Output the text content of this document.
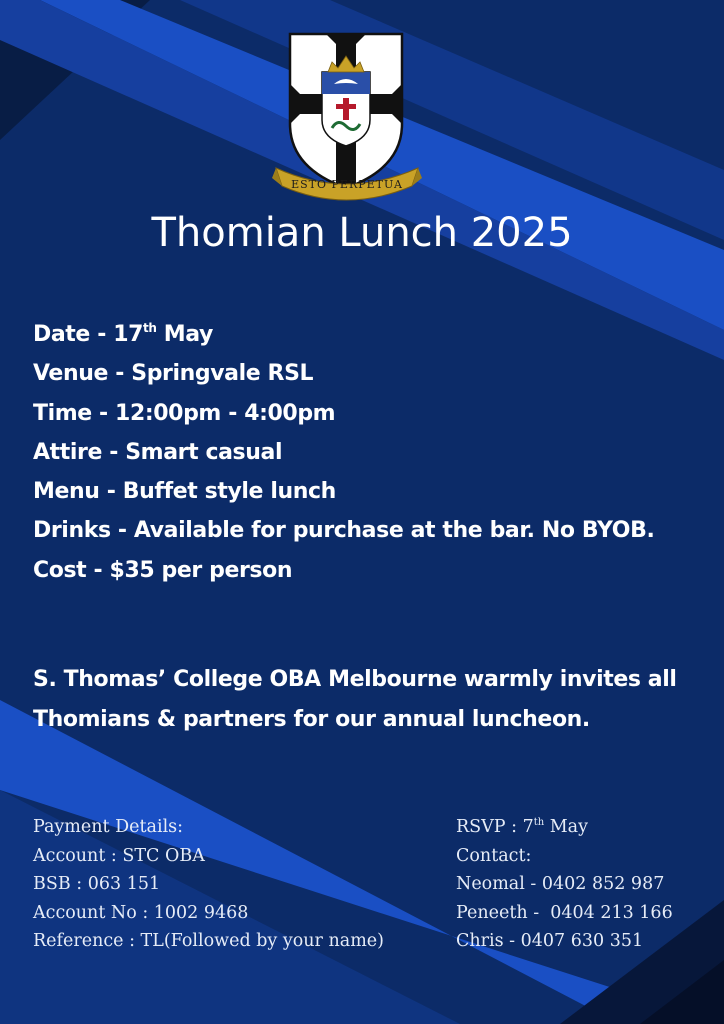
ESTO PERPETUA
Thomian Lunch 2025
Date - 17th May
Venue - Springvale RSL
Time - 12:00pm - 4:00pm
Attire - Smart casual
Menu - Buffet style lunch
Drinks - Available for purchase at the bar. No BYOB.
Cost - $35 per person
S. Thomas’ College OBA Melbourne warmly invites all
Thomians & partners for our annual luncheon.
Payment Details:
Account : STC OBA
BSB : 063 151
Account No : 1002 9468
Reference : TL(Followed by your name)
RSVP : 7th May
Contact:
Neomal - 0402 852 987
Peneeth -  0404 213 166
Chris - 0407 630 351
